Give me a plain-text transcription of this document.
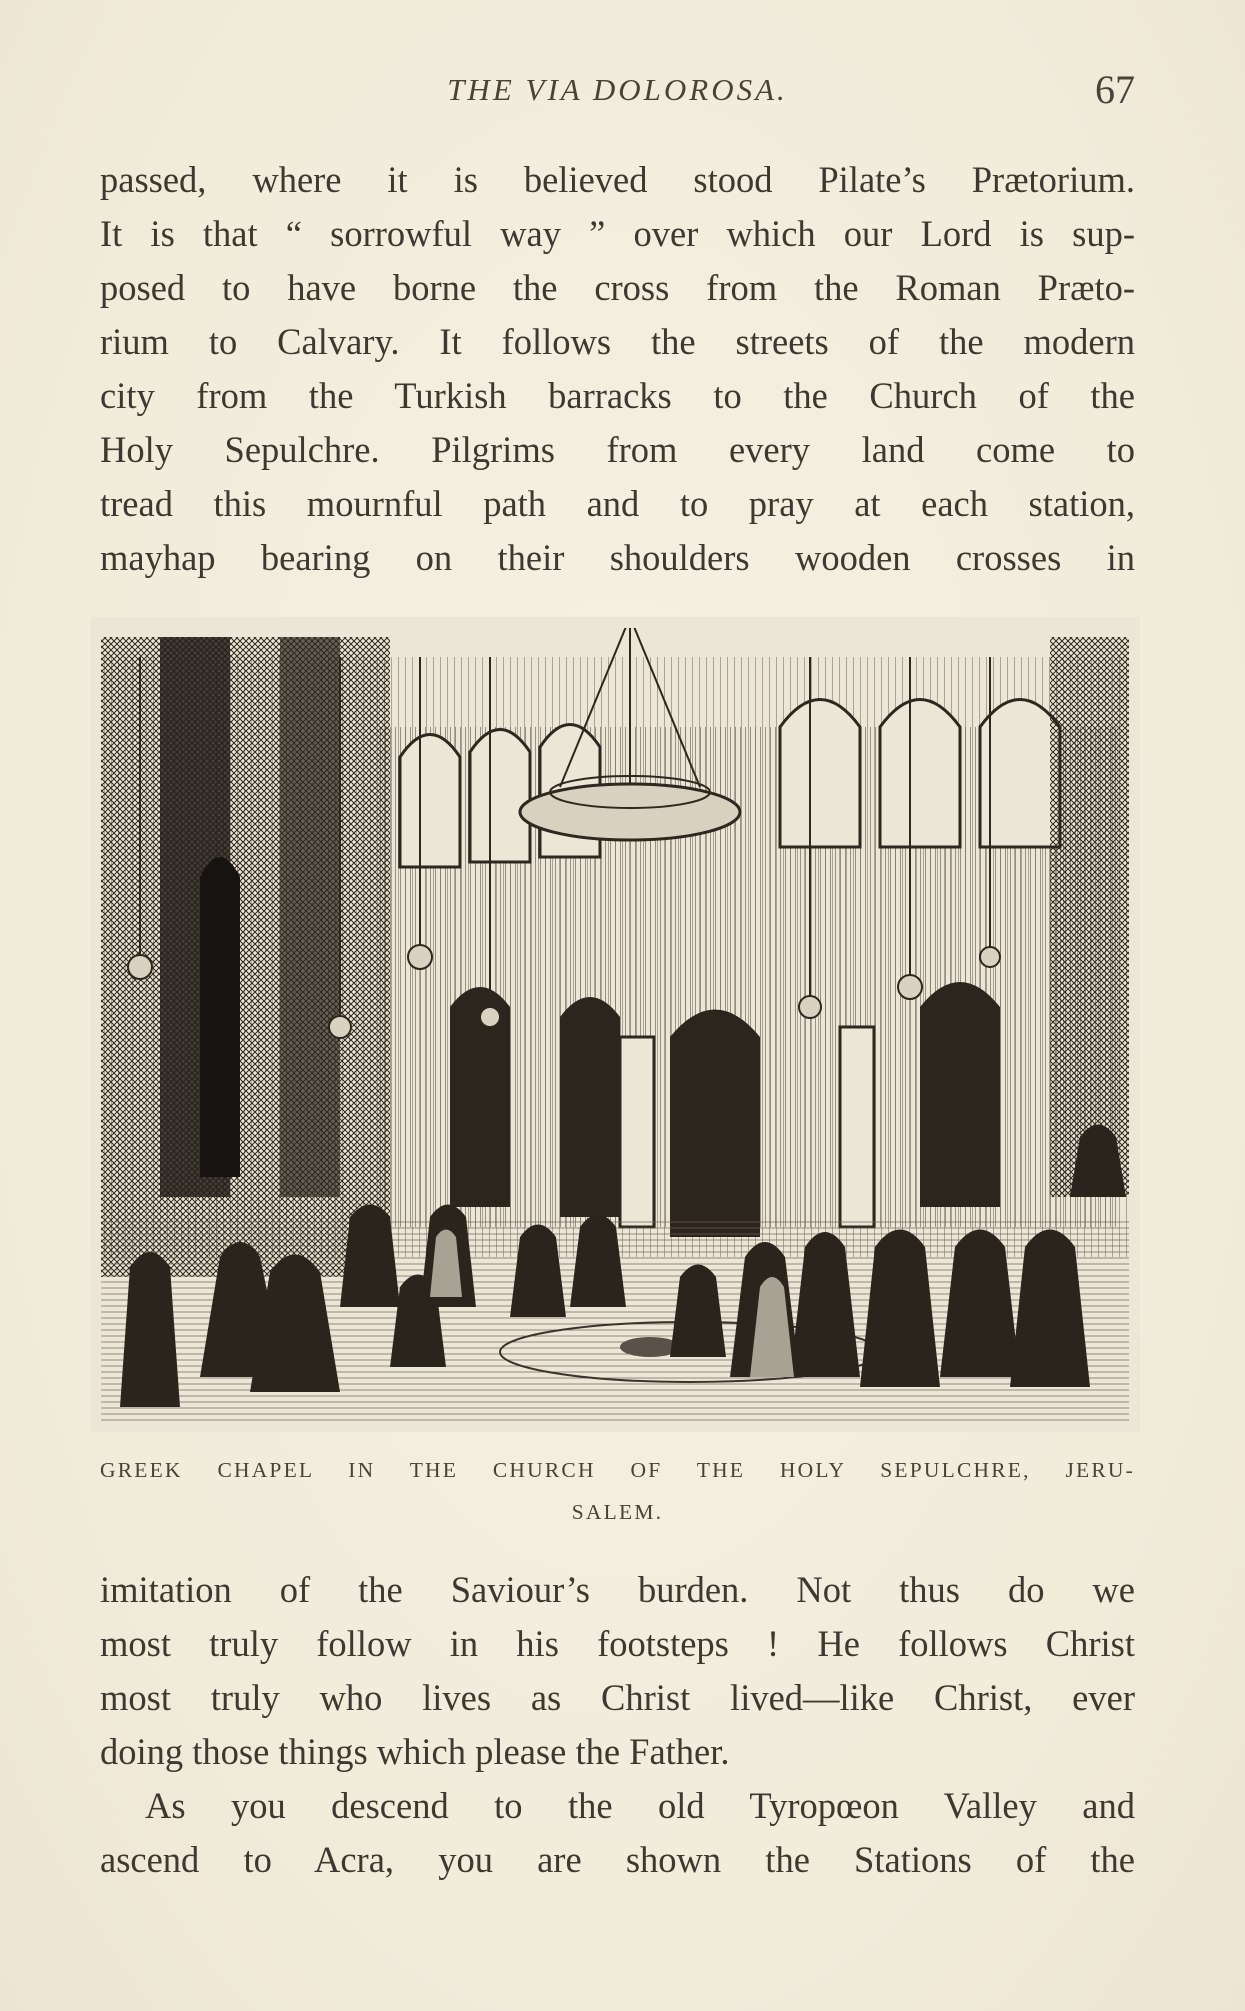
THE VIA DOLOROSA.	67
passed, where it is believed stood Pilate’s Prætorium.
It is that “ sorrowful way ” over which our Lord is sup-
posed to have borne the cross from the Roman Præto-
rium to Calvary. It follows the streets of the modern
city from the Turkish barracks to the Church of the
Holy Sepulchre. Pilgrims from every land come to
tread this mournful path and to pray at each station,
mayhap bearing on their shoulders wooden crosses in
GREEK CHAPEL IN THE CHURCH OF THE HOLY SEPULCHRE, JERU-
SALEM.
imitation of the Saviour’s burden. Not thus do we
most truly follow in his footsteps ! He follows Christ
most truly who lives as Christ lived—like Christ, ever
doing those things which please the Father.
As you descend to the old Tyropœon Valley and
ascend to Acra, you are shown the Stations of the
